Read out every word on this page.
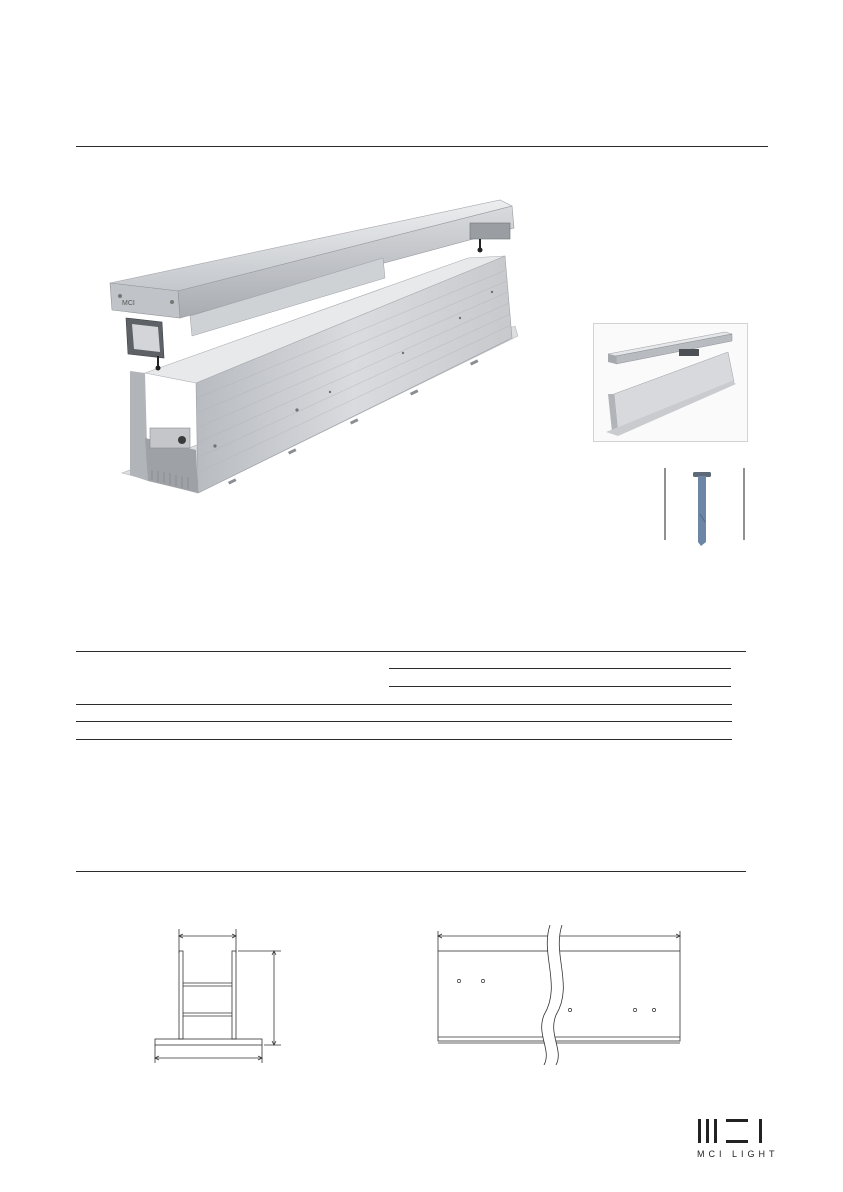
MCI
MCI LIGHT
